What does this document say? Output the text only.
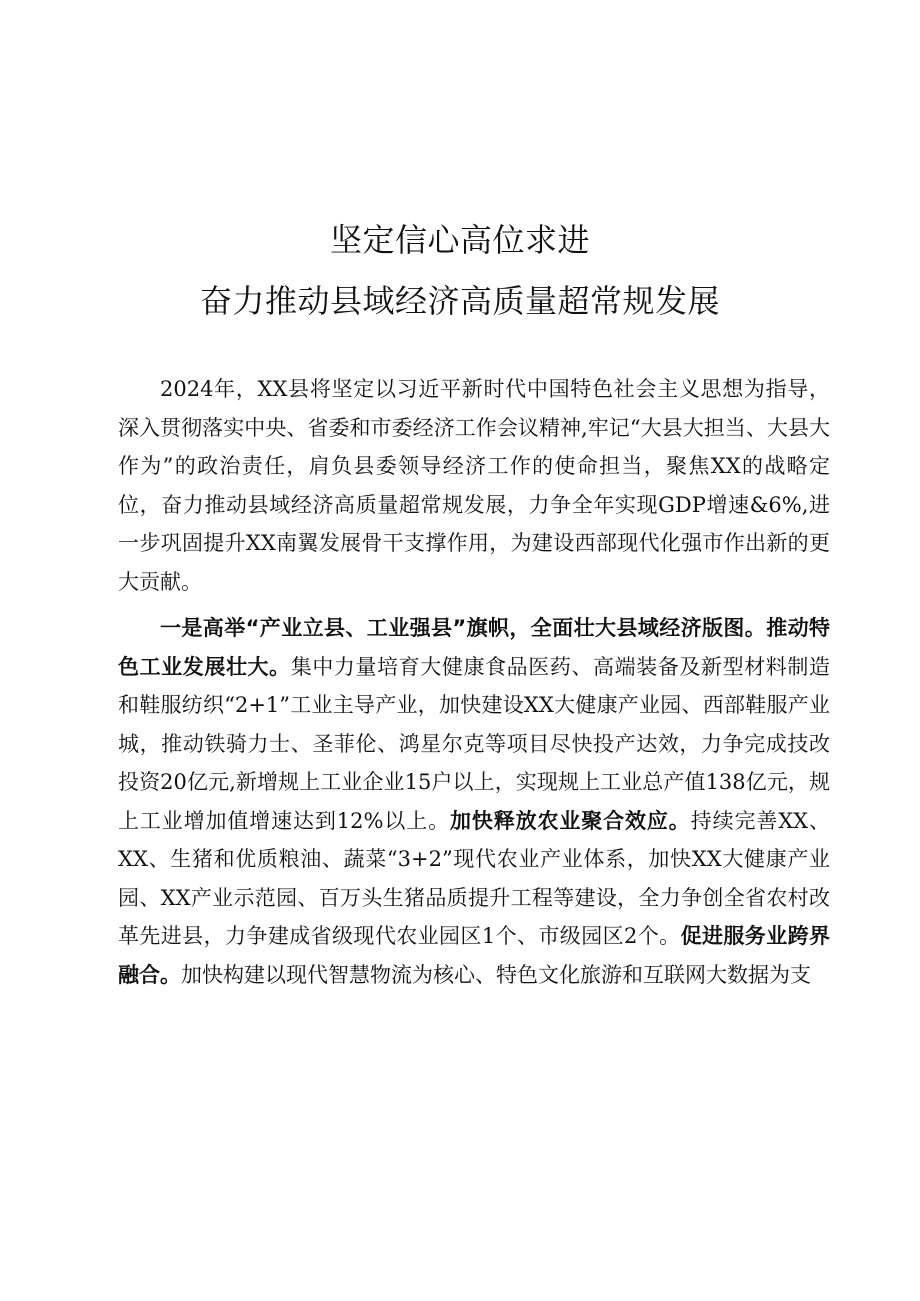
坚定信心高位求进
奋力推动县域经济高质量超常规发展

2024年，XX县将坚定以习近平新时代中国特色社会主义思想为指导，深入贯彻落实中央、省委和市委经济工作会议精神,牢记“大县大担当、大县大作为”的政治责任，肩负县委领导经济工作的使命担当，聚焦XX的战略定位，奋力推动县域经济高质量超常规发展，力争全年实现GDP增速&6%,进一步巩固提升XX南翼发展骨干支撑作用，为建设西部现代化强市作出新的更大贡献。

一是高举“产业立县、工业强县”旗帜，全面壮大县域经济版图。推动特色工业发展壮大。集中力量培育大健康食品医药、高端装备及新型材料制造和鞋服纺织“2+1”工业主导产业，加快建设XX大健康产业园、西部鞋服产业城，推动铁骑力士、圣菲伦、鸿星尔克等项目尽快投产达效，力争完成技改投资20亿元,新增规上工业企业15户以上，实现规上工业总产值138亿元，规上工业增加值增速达到12%以上。加快释放农业聚合效应。持续完善XX、XX、生猪和优质粮油、蔬菜“3+2”现代农业产业体系，加快XX大健康产业园、XX产业示范园、百万头生猪品质提升工程等建设，全力争创全省农村改革先进县，力争建成省级现代农业园区1个、市级园区2个。促进服务业跨界融合。加快构建以现代智慧物流为核心、特色文化旅游和互联网大数据为支
